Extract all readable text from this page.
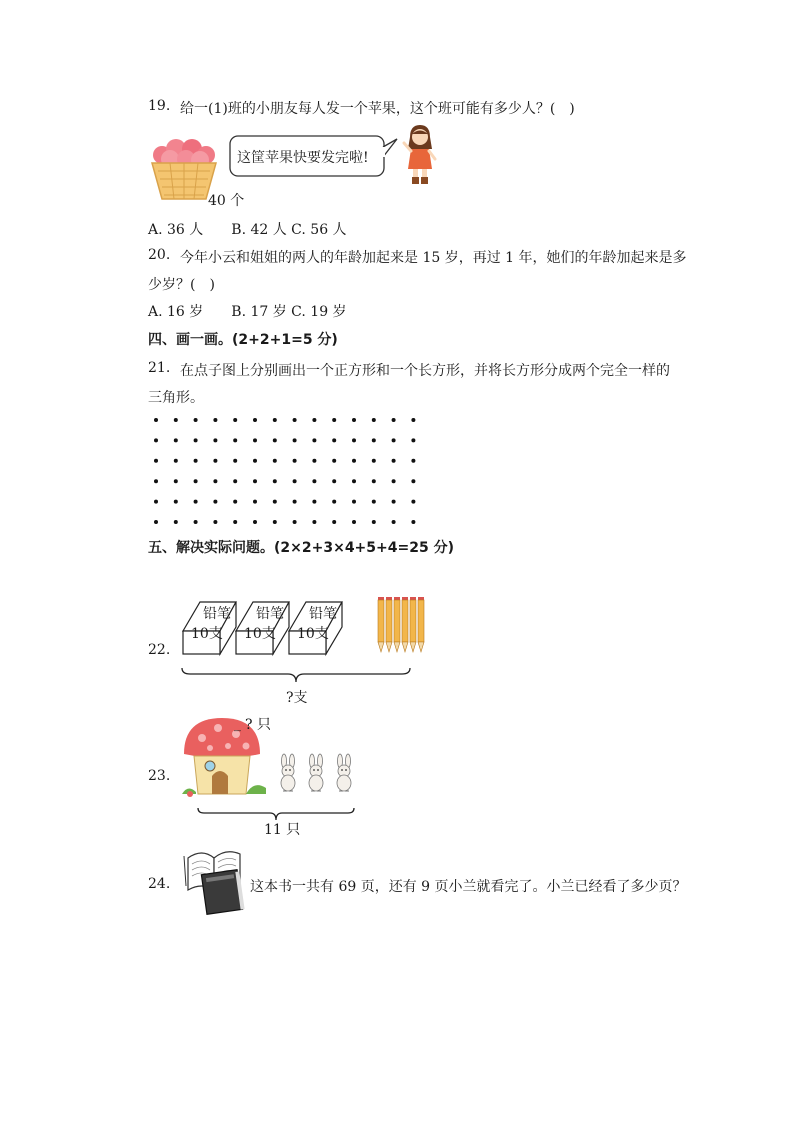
19. 给一(1)班的小朋友每人发一个苹果，这个班可能有多少人？(　)
40 个
这筐苹果快要发完啦!
A. 36 人　　B. 42 人 C. 56 人
20. 今年小云和姐姐的两人的年龄加起来是 15 岁，再过 1 年，她们的年龄加起来是多
少岁？(　)
A. 16 岁　　B. 17 岁 C. 19 岁
四、画一画。(2+2+1=5 分)
21. 在点子图上分别画出一个正方形和一个长方形，并将长方形分成两个完全一样的
三角形。
五、解决实际问题。(2×2+3×4+5+4=25 分)
22.
铅笔
10支
铅笔
10支
铅笔
10支
?支
23.
_ ? 只
11 只
24.	这本书一共有 69 页，还有 9 页小兰就看完了。小兰已经看了多少页？
